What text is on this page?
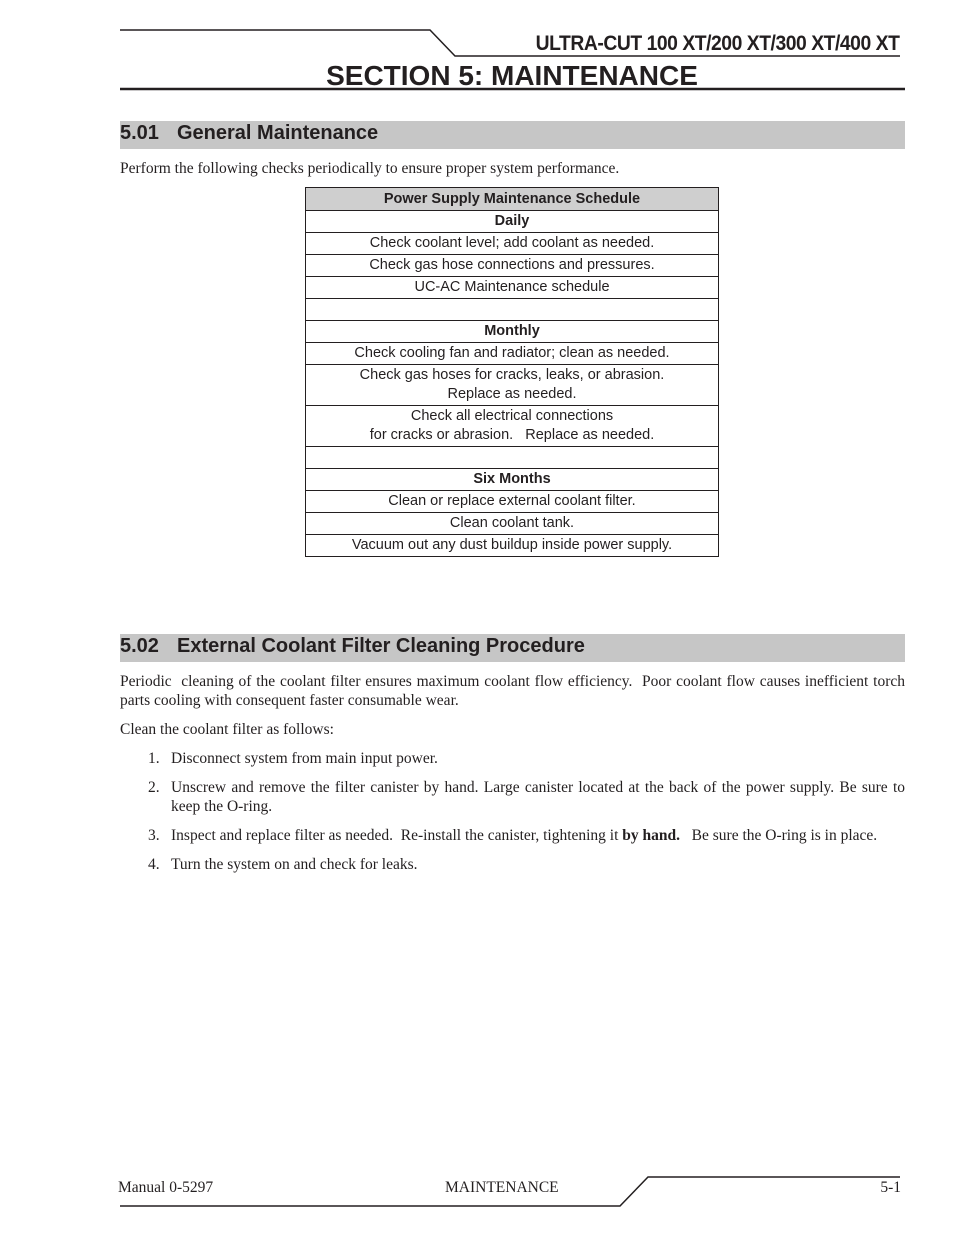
ULTRA-CUT 100 XT/200 XT/300 XT/400 XT
SECTION 5: MAINTENANCE
5.01 General Maintenance
Perform the following checks periodically to ensure proper system performance.
Power Supply Maintenance Schedule
Daily
Check coolant level; add coolant as needed.
Check gas hose connections and pressures.
UC-AC Maintenance schedule

Monthly
Check cooling fan and radiator; clean as needed.

Check gas hoses for cracks, leaks, or abrasion.
Replace as needed.

Check all electrical connections
for cracks or abrasion.   Replace as needed.

Six Months
Clean or replace external coolant filter.
Clean coolant tank.
Vacuum out any dust buildup inside power supply.
5.02 External Coolant Filter Cleaning Procedure
Periodic  cleaning of the coolant filter ensures maximum coolant flow efficiency.  Poor coolant flow causes inefficient torch parts cooling with consequent faster consumable wear.
Clean the coolant filter as follows:
1. Disconnect system from main input power.
2. Unscrew and remove the filter canister by hand. Large canister located at the back of the power supply. Be sure to keep the O-ring.
3. Inspect and replace filter as needed.  Re-install the canister, tightening it by hand.   Be sure the O-ring is in place.
4. Turn the system on and check for leaks.
Manual 0-5297	MAINTENANCE	5-1
